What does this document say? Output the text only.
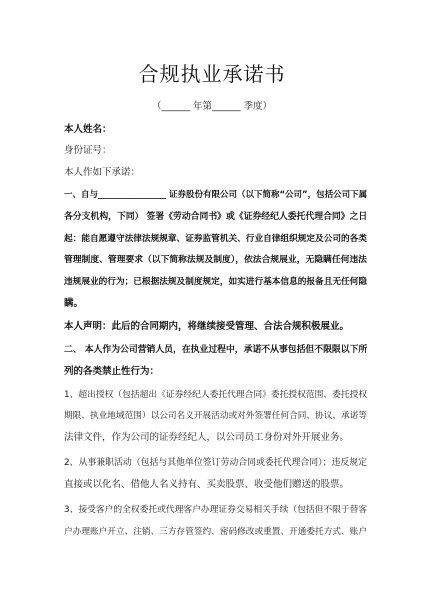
合规执业承诺书
（______ 年第______ 季度）
本人姓名：
身份证号：
本人作如下承诺：
一、自与________________ 证券股份有限公司（以下简称“公司”，包括公司下属
各分支机构，下同） 签署《劳动合同书》或《证券经纪人委托代理合同》之日
起：能自愿遵守法律法规规章、证券监管机关、行业自律组织规定及公司的各类
管理制度、管理要求（以下简称法规及制度），依法合规展业，无隐瞒任何违法
违规展业的行为；已根据法规及制度规定，如实进行基本信息的报备且无任何隐
瞒。
本人声明：此后的合同期内，将继续接受管理、合法合规积极展业。
二、 本人作为公司营销人员，在执业过程中，承诺不从事包括但不限限以下所
列的各类禁止性行为：
1、超出授权（包括超出《证券经纪人委托代理合同》委托授权范围、委托授权
期限、执业地域范围）以公司名义开展活动或对外签署任何合同、协议、承诺等
法律文件，作为公司的证券经纪人，以公司员工身份对外开展业务。
2、从事兼职活动（包括与其他单位签订劳动合同或委托代理合同）；违反规定
直接或以化名、借他人名义持有、买卖股票、收受他们赠送的股票。
3、接受客户的全权委托或代理客户办理证券交易相关手续（包括但不限于替客
户办理账户开立、注销、三方存管签约、密码修改或重置、开通委托方式、账户
